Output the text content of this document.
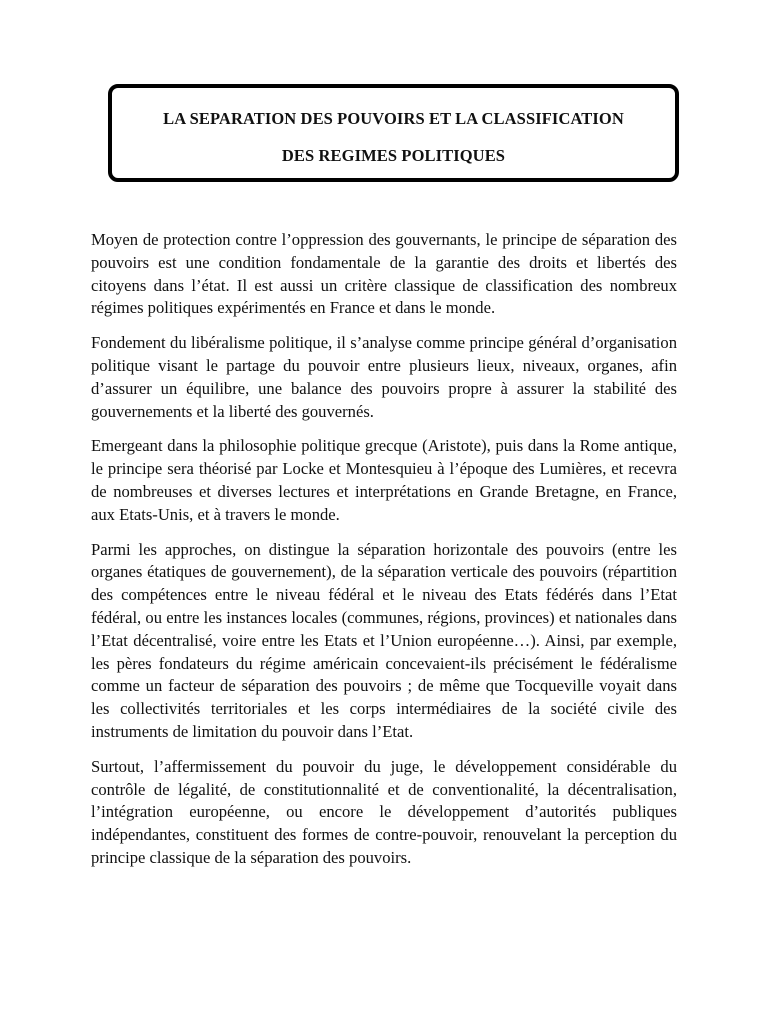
LA SEPARATION DES POUVOIRS ET LA CLASSIFICATION
DES REGIMES POLITIQUES

Moyen de protection contre l’oppression des gouvernants, le principe de séparation des pouvoirs est une condition fondamentale de la garantie des droits et libertés des citoyens dans l’état. Il est aussi un critère classique de classification des nombreux régimes politiques expérimentés en France et dans le monde.

Fondement du libéralisme politique, il s’analyse comme principe général d’organisation politique visant le partage du pouvoir entre plusieurs lieux, niveaux, organes, afin d’assurer un équilibre, une balance des pouvoirs propre à assurer la stabilité des gouvernements et la liberté des gouvernés.

Emergeant dans la philosophie politique grecque (Aristote), puis dans la Rome antique, le principe sera théorisé par Locke et Montesquieu à l’époque des Lumières, et recevra de nombreuses et diverses lectures et interprétations en Grande Bretagne, en France, aux Etats-Unis, et à travers le monde.

Parmi les approches, on distingue la séparation horizontale des pouvoirs (entre les organes étatiques de gouvernement), de la séparation verticale des pouvoirs (répartition des compétences entre le niveau fédéral et le niveau des Etats fédérés dans l’Etat fédéral, ou entre les instances locales (communes, régions, provinces) et nationales dans l’Etat décentralisé, voire entre les Etats et l’Union européenne…). Ainsi, par exemple, les pères fondateurs du régime américain concevaient-ils précisément le fédéralisme comme un facteur de séparation des pouvoirs ; de même que Tocqueville voyait dans les collectivités territoriales et les corps intermédiaires de la société civile des instruments de limitation du pouvoir dans l’Etat.

Surtout, l’affermissement du pouvoir du juge, le développement considérable du contrôle de légalité, de constitutionnalité et de conventionalité, la décentralisation, l’intégration européenne, ou encore le développement d’autorités publiques indépendantes, constituent des formes de contre-pouvoir, renouvelant la perception du principe classique de la séparation des pouvoirs.
